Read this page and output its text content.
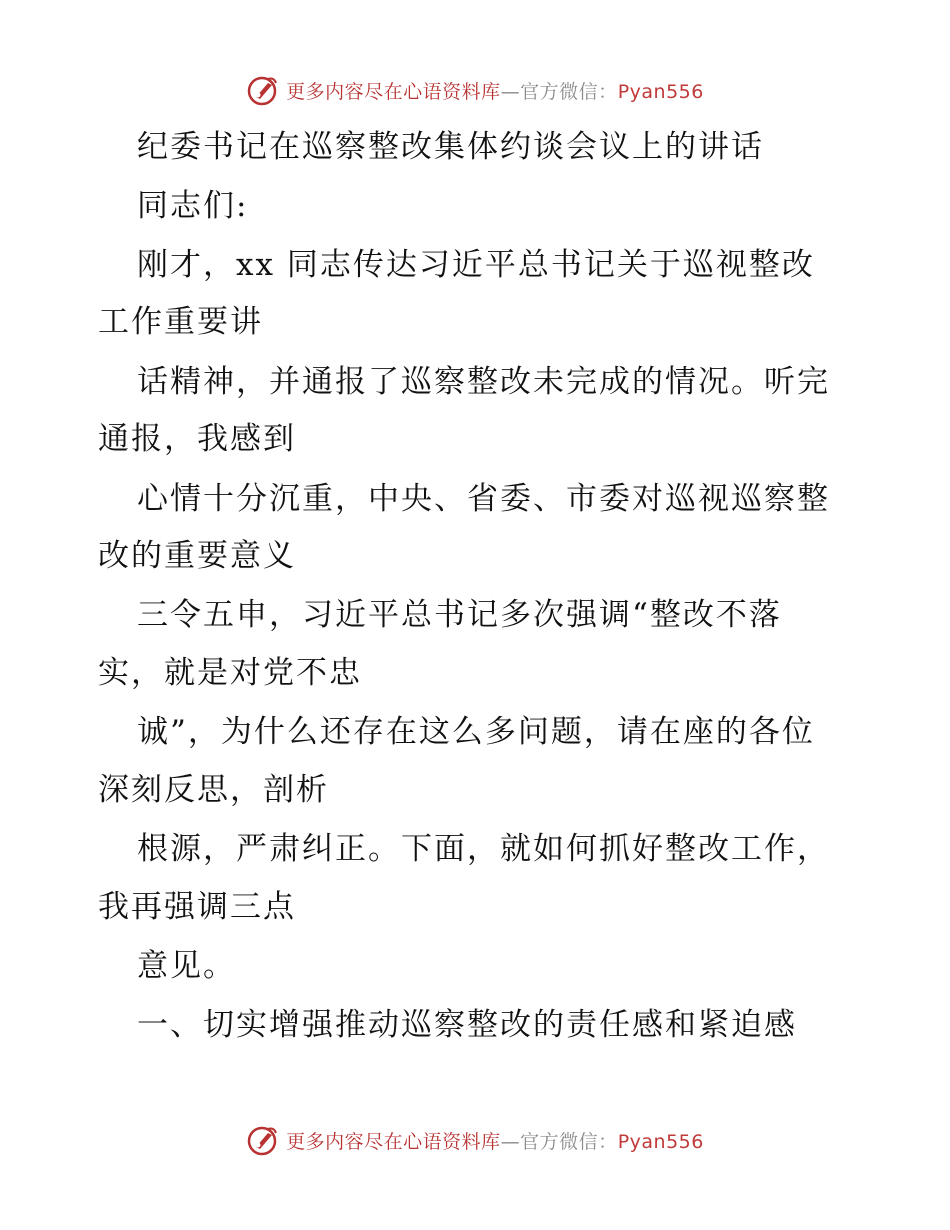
更多内容尽在心语资料库—官方微信：Pyan556
纪委书记在巡察整改集体约谈会议上的讲话
同志们:
刚才，xx 同志传达习近平总书记关于巡视整改
工作重要讲
话精神，并通报了巡察整改未完成的情况。听完
通报，我感到
心情十分沉重，中央、省委、市委对巡视巡察整
改的重要意义
三令五申，习近平总书记多次强调“整改不落
实，就是对党不忠
诚”，为什么还存在这么多问题，请在座的各位
深刻反思，剖析
根源，严肃纠正。下面，就如何抓好整改工作，
我再强调三点
意见。
一、切实增强推动巡察整改的责任感和紧迫感
更多内容尽在心语资料库—官方微信：Pyan556
